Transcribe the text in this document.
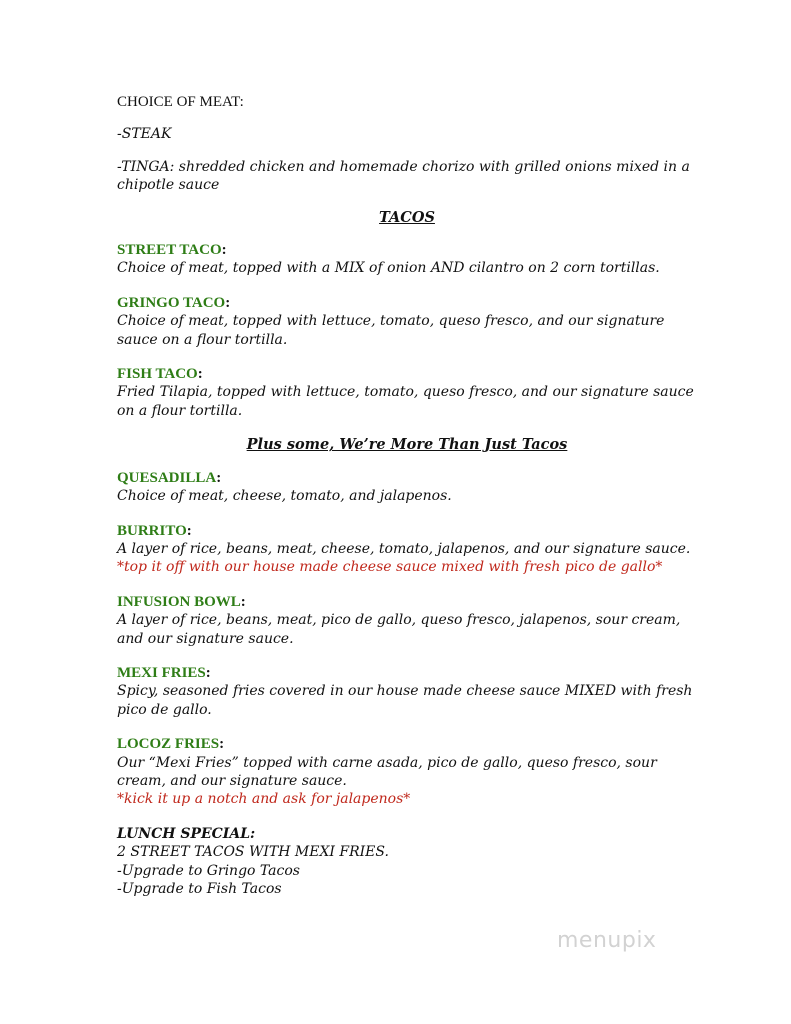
CHOICE OF MEAT:

-STEAK

-TINGA: shredded chicken and homemade chorizo with grilled onions mixed in a chipotle sauce

TACOS

STREET TACO:

Choice of meat, topped with a MIX of onion AND cilantro on 2 corn tortillas.

GRINGO TACO:

Choice of meat, topped with lettuce, tomato, queso fresco, and our signature sauce on a flour tortilla.

FISH TACO:

Fried Tilapia, topped with lettuce, tomato, queso fresco, and our signature sauce on a flour tortilla.

Plus some, We’re More Than Just Tacos

QUESADILLA:

Choice of meat, cheese, tomato, and jalapenos.

BURRITO:

A layer of rice, beans, meat, cheese, tomato, jalapenos, and our signature sauce.

*top it off with our house made cheese sauce mixed with fresh pico de gallo*

INFUSION BOWL:

A layer of rice, beans, meat, pico de gallo, queso fresco, jalapenos, sour cream, and our signature sauce.

MEXI FRIES:

Spicy, seasoned fries covered in our house made cheese sauce MIXED with fresh pico de gallo.

LOCOZ FRIES:

Our “Mexi Fries” topped with carne asada, pico de gallo, queso fresco, sour cream, and our signature sauce.

*kick it up a notch and ask for jalapenos*

LUNCH SPECIAL:

2 STREET TACOS WITH MEXI FRIES.

-Upgrade to Gringo Tacos

-Upgrade to Fish Tacos

menupix
